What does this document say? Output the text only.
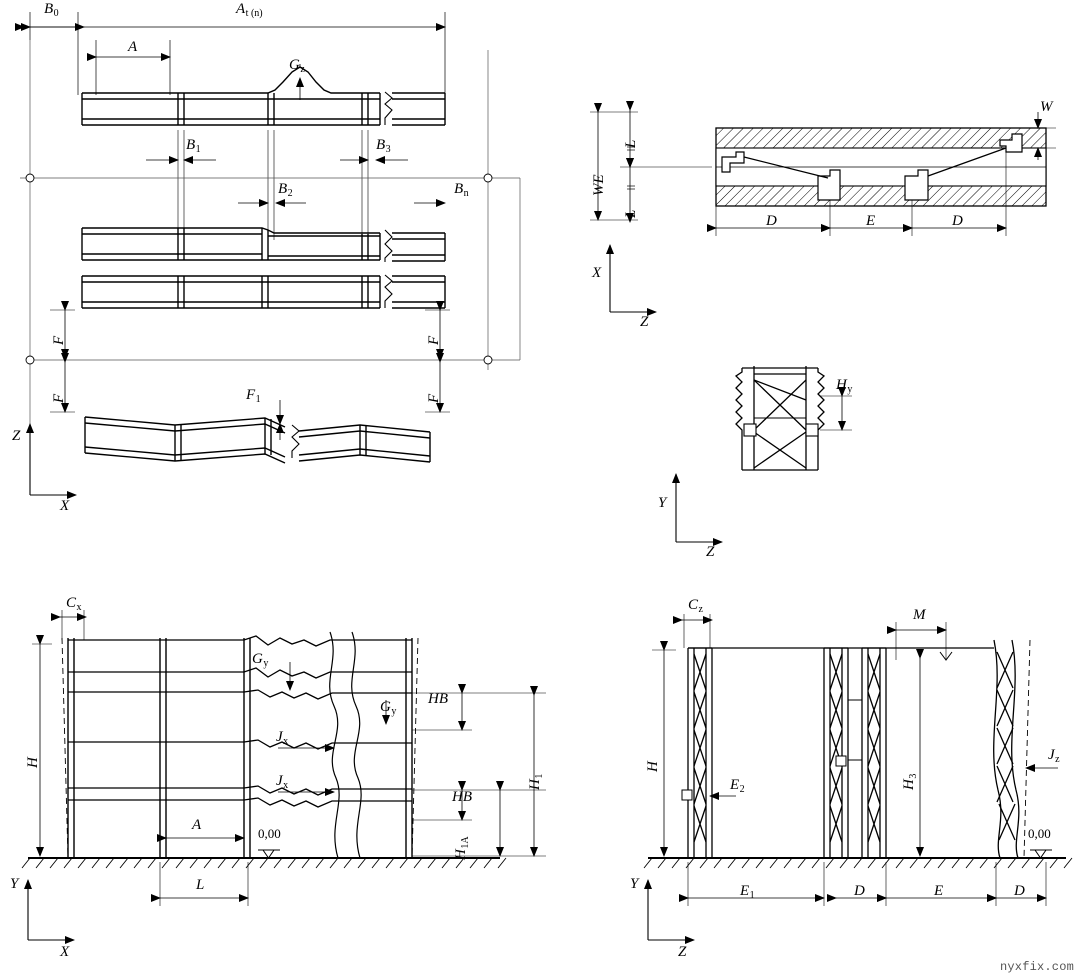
$B_0$	$A_{t (n)}$
A
$G_z$
$B_1$	$B_3$
$B_2$	$B_n$
F
F
F
F
$F_1$
Z
X
L
L
WE
W
D	E	D
X
Z
$H_y$
Y
Z
$C_x$
$G_y$
$G_y$
HB
$J_x$
$J_x$
H
$H_1$
$H_{1A}$
HB
A
L
0,00
Y
X
$C_z$	M
H
$H_3$
$E_2$
$J_z$
$E_1$	D	E	D
0,00
Y
Z
nyxfix.com
